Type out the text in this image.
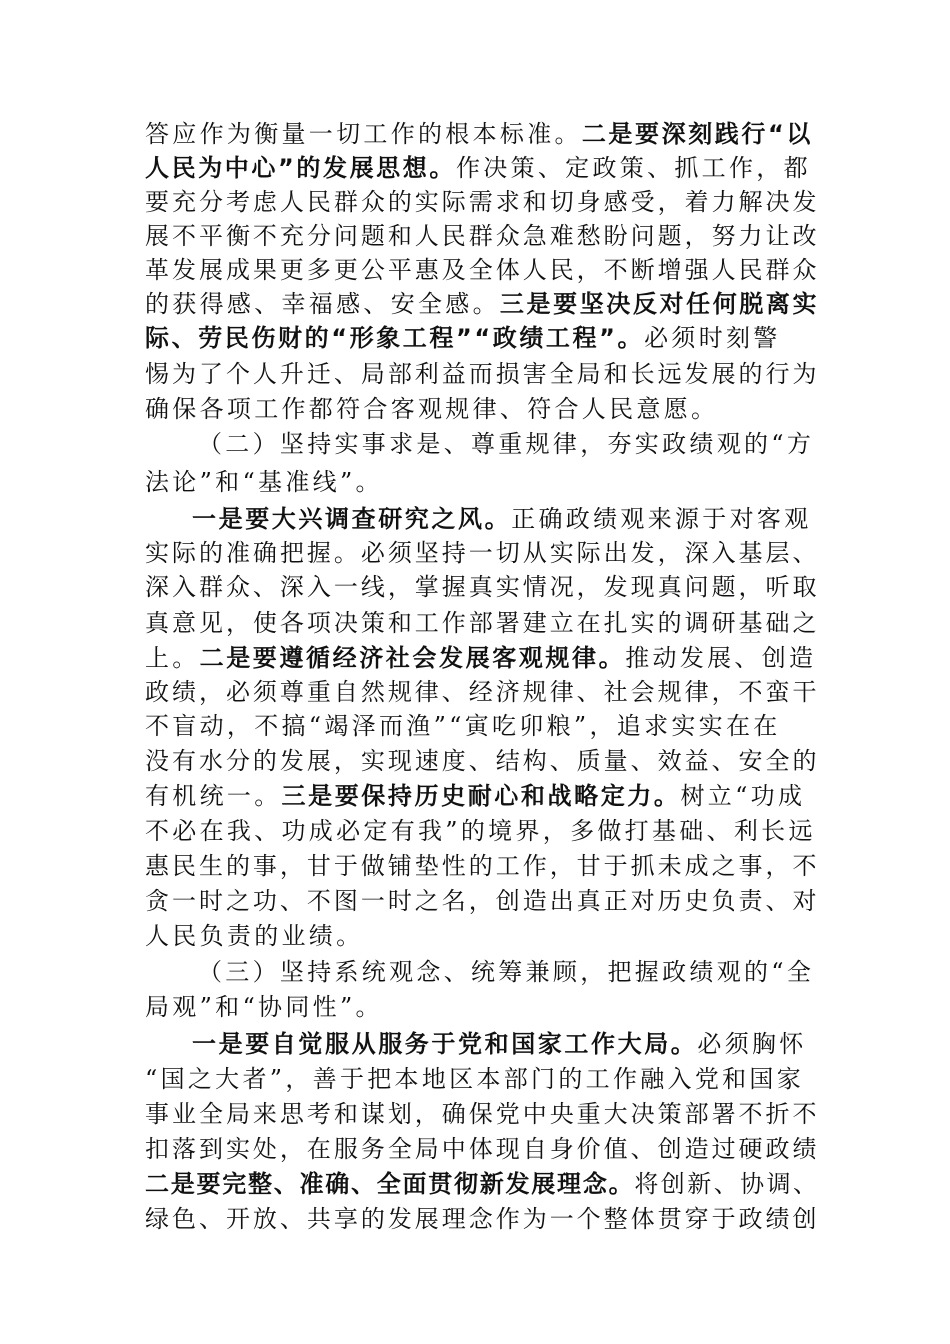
答应作为衡量一切工作的根本标准。二是要深刻践行“以
人民为中心”的发展思想。作决策、定政策、抓工作，都
要充分考虑人民群众的实际需求和切身感受，着力解决发
展不平衡不充分问题和人民群众急难愁盼问题，努力让改
革发展成果更多更公平惠及全体人民，不断增强人民群众
的获得感、幸福感、安全感。三是要坚决反对任何脱离实
际、劳民伤财的“形象工程”“政绩工程”。必须时刻警
惕为了个人升迁、局部利益而损害全局和长远发展的行为
确保各项工作都符合客观规律、符合人民意愿。
（二）坚持实事求是、尊重规律，夯实政绩观的“方
法论”和“基准线”。
一是要大兴调查研究之风。正确政绩观来源于对客观
实际的准确把握。必须坚持一切从实际出发，深入基层、
深入群众、深入一线，掌握真实情况，发现真问题，听取
真意见，使各项决策和工作部署建立在扎实的调研基础之
上。二是要遵循经济社会发展客观规律。推动发展、创造
政绩，必须尊重自然规律、经济规律、社会规律，不蛮干
不盲动，不搞“竭泽而渔”“寅吃卯粮”，追求实实在在
没有水分的发展，实现速度、结构、质量、效益、安全的
有机统一。三是要保持历史耐心和战略定力。树立“功成
不必在我、功成必定有我”的境界，多做打基础、利长远
惠民生的事，甘于做铺垫性的工作，甘于抓未成之事，不
贪一时之功、不图一时之名，创造出真正对历史负责、对
人民负责的业绩。
（三）坚持系统观念、统筹兼顾，把握政绩观的“全
局观”和“协同性”。
一是要自觉服从服务于党和国家工作大局。必须胸怀
“国之大者”，善于把本地区本部门的工作融入党和国家
事业全局来思考和谋划，确保党中央重大决策部署不折不
扣落到实处，在服务全局中体现自身价值、创造过硬政绩
二是要完整、准确、全面贯彻新发展理念。将创新、协调、
绿色、开放、共享的发展理念作为一个整体贯穿于政绩创
